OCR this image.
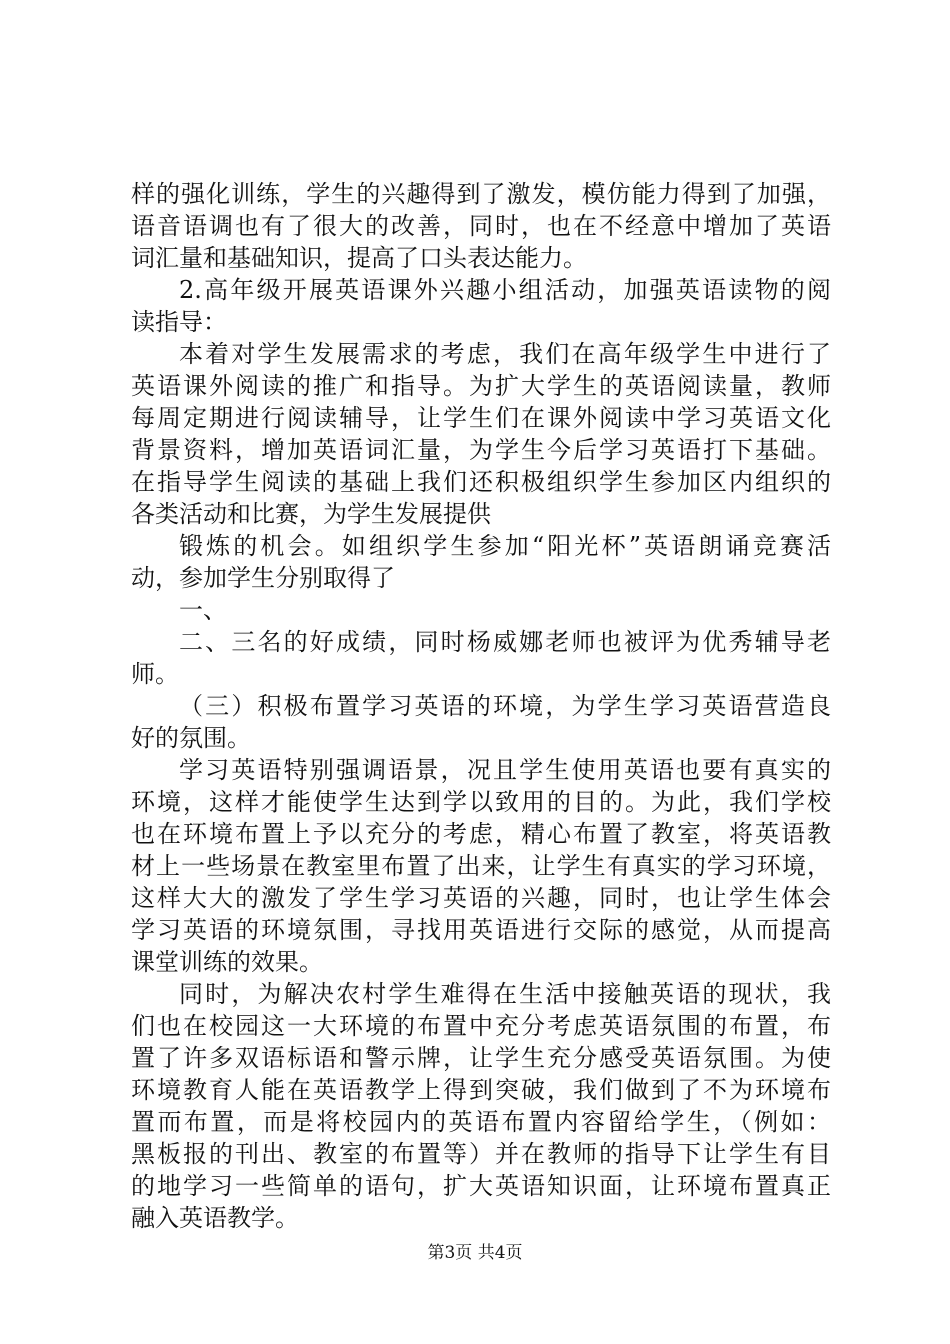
样的强化训练，学生的兴趣得到了激发，模仿能力得到了加强，
语音语调也有了很大的改善，同时，也在不经意中增加了英语
词汇量和基础知识，提高了口头表达能力。
2.高年级开展英语课外兴趣小组活动，加强英语读物的阅
读指导：
本着对学生发展需求的考虑，我们在高年级学生中进行了
英语课外阅读的推广和指导。为扩大学生的英语阅读量，教师
每周定期进行阅读辅导，让学生们在课外阅读中学习英语文化
背景资料，增加英语词汇量，为学生今后学习英语打下基础。
在指导学生阅读的基础上我们还积极组织学生参加区内组织的
各类活动和比赛，为学生发展提供
锻炼的机会。如组织学生参加“阳光杯”英语朗诵竞赛活
动，参加学生分别取得了
一、
二、三名的好成绩，同时杨威娜老师也被评为优秀辅导老
师。
（三）积极布置学习英语的环境，为学生学习英语营造良
好的氛围。
学习英语特别强调语景，况且学生使用英语也要有真实的
环境，这样才能使学生达到学以致用的目的。为此，我们学校
也在环境布置上予以充分的考虑，精心布置了教室，将英语教
材上一些场景在教室里布置了出来，让学生有真实的学习环境，
这样大大的激发了学生学习英语的兴趣，同时，也让学生体会
学习英语的环境氛围，寻找用英语进行交际的感觉，从而提高
课堂训练的效果。
同时，为解决农村学生难得在生活中接触英语的现状，我
们也在校园这一大环境的布置中充分考虑英语氛围的布置，布
置了许多双语标语和警示牌，让学生充分感受英语氛围。为使
环境教育人能在英语教学上得到突破，我们做到了不为环境布
置而布置，而是将校园内的英语布置内容留给学生，（例如：
黑板报的刊出、教室的布置等）并在教师的指导下让学生有目
的地学习一些简单的语句，扩大英语知识面，让环境布置真正
融入英语教学。
第3页 共4页
